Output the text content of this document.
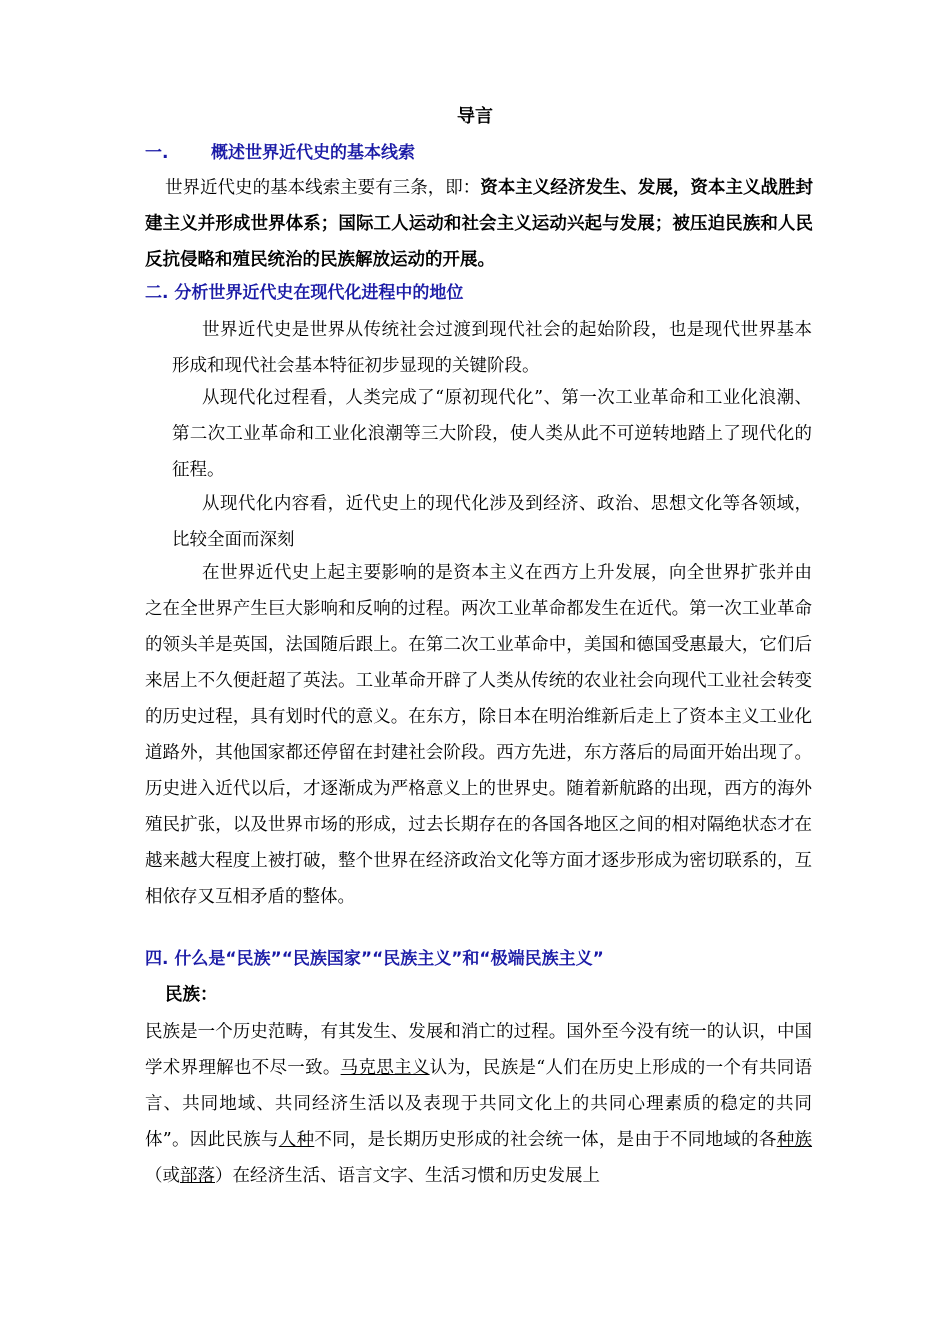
导言
一.	概述世界近代史的基本线索

世界近代史的基本线索主要有三条，即：资本主义经济发生、发展，资本主义战胜封建主义并形成世界体系；国际工人运动和社会主义运动兴起与发展；被压迫民族和人民反抗侵略和殖民统治的民族解放运动的开展。

二. 分析世界近代史在现代化进程中的地位

世界近代史是世界从传统社会过渡到现代社会的起始阶段，也是现代世界基本形成和现代社会基本特征初步显现的关键阶段。

从现代化过程看，人类完成了“原初现代化”、第一次工业革命和工业化浪潮、第二次工业革命和工业化浪潮等三大阶段，使人类从此不可逆转地踏上了现代化的征程。

从现代化内容看，近代史上的现代化涉及到经济、政治、思想文化等各领域，比较全面而深刻

在世界近代史上起主要影响的是资本主义在西方上升发展，向全世界扩张并由之在全世界产生巨大影响和反响的过程。两次工业革命都发生在近代。第一次工业革命的领头羊是英国，法国随后跟上。在第二次工业革命中，美国和德国受惠最大，它们后来居上不久便赶超了英法。工业革命开辟了人类从传统的农业社会向现代工业社会转变的历史过程，具有划时代的意义。在东方，除日本在明治维新后走上了资本主义工业化道路外，其他国家都还停留在封建社会阶段。西方先进，东方落后的局面开始出现了。历史进入近代以后，才逐渐成为严格意义上的世界史。随着新航路的出现，西方的海外殖民扩张，以及世界市场的形成，过去长期存在的各国各地区之间的相对隔绝状态才在越来越大程度上被打破，整个世界在经济政治文化等方面才逐步形成为密切联系的，互相依存又互相矛盾的整体。

四. 什么是“民族”“民族国家”“民族主义”和“极端民族主义”
民族：

民族是一个历史范畴，有其发生、发展和消亡的过程。国外至今没有统一的认识，中国学术界理解也不尽一致。马克思主义认为，民族是“人们在历史上形成的一个有共同语言、共同地域、共同经济生活以及表现于共同文化上的共同心理素质的稳定的共同体”。因此民族与人种不同，是长期历史形成的社会统一体，是由于不同地域的各种族（或部落）在经济生活、语言文字、生活习惯和历史发展上
